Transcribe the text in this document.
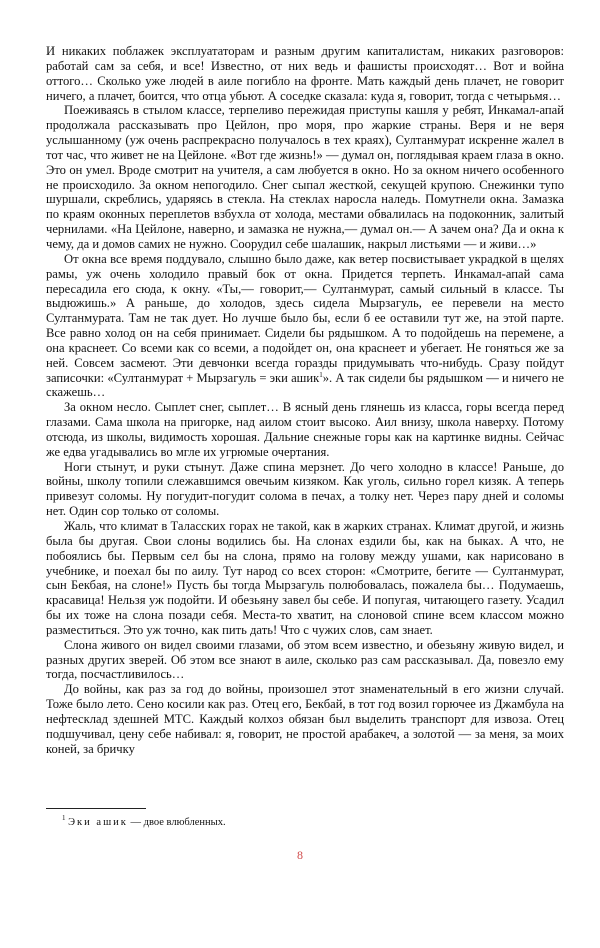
И никаких поблажек эксплуататорам и разным другим капиталистам, никаких разговоров: работай сам за себя, и все! Известно, от них ведь и фашисты происходят… Вот и война оттого… Сколько уже людей в аиле погибло на фронте. Мать каждый день плачет, не говорит ничего, а плачет, боится, что отца убьют. А соседке сказала: куда я, говорит, тогда с четырьмя…

Поеживаясь в стылом классе, терпеливо пережидая приступы кашля у ребят, Инкамал-апай продолжала рассказывать про Цейлон, про моря, про жаркие страны. Веря и не веря услышанному (уж очень распрекрасно получалось в тех краях), Султанмурат искренне жалел в тот час, что живет не на Цейлоне. «Вот где жизнь!» — думал он, поглядывая краем глаза в окно. Это он умел. Вроде смотрит на учителя, а сам любуется в окно. Но за окном ничего особенного не происходило. За окном непогодило. Снег сыпал жесткой, секущей крупою. Снежинки тупо шуршали, скреблись, ударяясь в стекла. На стеклах наросла наледь. Помутнели окна. Замазка по краям оконных переплетов взбухла от холода, местами обвалилась на подоконник, залитый чернилами. «На Цейлоне, наверно, и замазка не нужна,— думал он.— А зачем она? Да и окна к чему, да и домов самих не нужно. Соорудил себе шалашик, накрыл листьями — и живи…»

От окна все время поддувало, слышно было даже, как ветер посвистывает украдкой в щелях рамы, уж очень холодило правый бок от окна. Придется терпеть. Инкамал-апай сама пересадила его сюда, к окну. «Ты,— говорит,— Султанмурат, самый сильный в классе. Ты выдюжишь.» А раньше, до холодов, здесь сидела Мырзагуль, ее перевели на место Султанмурата. Там не так дует. Но лучше было бы, если б ее оставили тут же, на этой парте. Все равно холод он на себя принимает. Сидели бы рядышком. А то подойдешь на перемене, а она краснеет. Со всеми как со всеми, а подойдет он, она краснеет и убегает. Не гоняться же за ней. Совсем засмеют. Эти девчонки всегда горазды придумывать что-нибудь. Сразу пойдут записочки: «Султанмурат + Мырзагуль = эки ашик$^1$». А так сидели бы рядышком — и ничего не скажешь…

За окном несло. Сыплет снег, сыплет… В ясный день глянешь из класса, горы всегда перед глазами. Сама школа на пригорке, над аилом стоит высоко. Аил внизу, школа наверху. Потому отсюда, из школы, видимость хорошая. Дальние снежные горы как на картинке видны. Сейчас же едва угадывались во мгле их угрюмые очертания.

Ноги стынут, и руки стынут. Даже спина мерзнет. До чего холодно в классе! Раньше, до войны, школу топили слежавшимся овечьим кизяком. Как уголь, сильно горел кизяк. А теперь привезут соломы. Ну погудит-погудит солома в печах, а толку нет. Через пару дней и соломы нет. Один сор только от соломы.

Жаль, что климат в Таласских горах не такой, как в жарких странах. Климат другой, и жизнь была бы другая. Свои слоны водились бы. На слонах ездили бы, как на быках. А что, не побоялись бы. Первым сел бы на слона, прямо на голову между ушами, как нарисовано в учебнике, и поехал бы по аилу. Тут народ со всех сторон: «Смотрите, бегите — Султанмурат, сын Бекбая, на слоне!» Пусть бы тогда Мырзагуль полюбовалась, пожалела бы… Подумаешь, красавица! Нельзя уж подойти. И обезьяну завел бы себе. И попугая, читающего газету. Усадил бы их тоже на слона позади себя. Места-то хватит, на слоновой спине всем классом можно разместиться. Это уж точно, как пить дать! Что с чужих слов, сам знает.

Слона живого он видел своими глазами, об этом всем известно, и обезьяну живую видел, и разных других зверей. Об этом все знают в аиле, сколько раз сам рассказывал. Да, повезло ему тогда, посчастливилось…

До войны, как раз за год до войны, произошел этот знаменательный в его жизни случай. Тоже было лето. Сено косили как раз. Отец его, Бекбай, в тот год возил горючее из Джамбула на нефтесклад здешней МТС. Каждый колхоз обязан был выделить транспорт для извоза. Отец подшучивал, цену себе набивал: я, говорит, не простой арабакеч, а золотой — за меня, за моих коней, за бричку

$^1$ Эки ашик — двое влюбленных.
8
